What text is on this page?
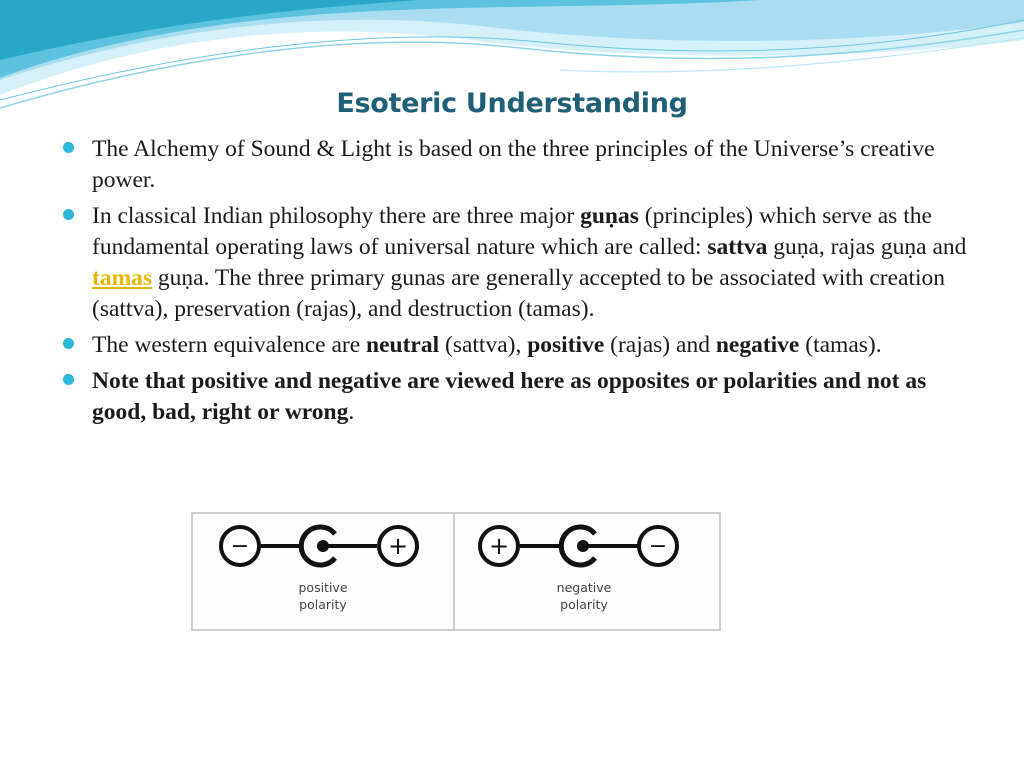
Esoteric Understanding
The Alchemy of Sound & Light is based on the three principles of the Universe’s creative power.
In classical Indian philosophy there are three major guṇas (principles) which serve as the fundamental operating laws of universal nature which are called: sattva guṇa, rajas guṇa and tamas guṇa. The three primary gunas are generally accepted to be associated with creation (sattva), preservation (rajas), and destruction (tamas).
The western equivalence are neutral (sattva), positive (rajas) and negative (tamas).
Note that positive and negative are viewed here as opposites or polarities and not as good, bad, right or wrong.
−	+	+	−
positive
polarity
negative
polarity
